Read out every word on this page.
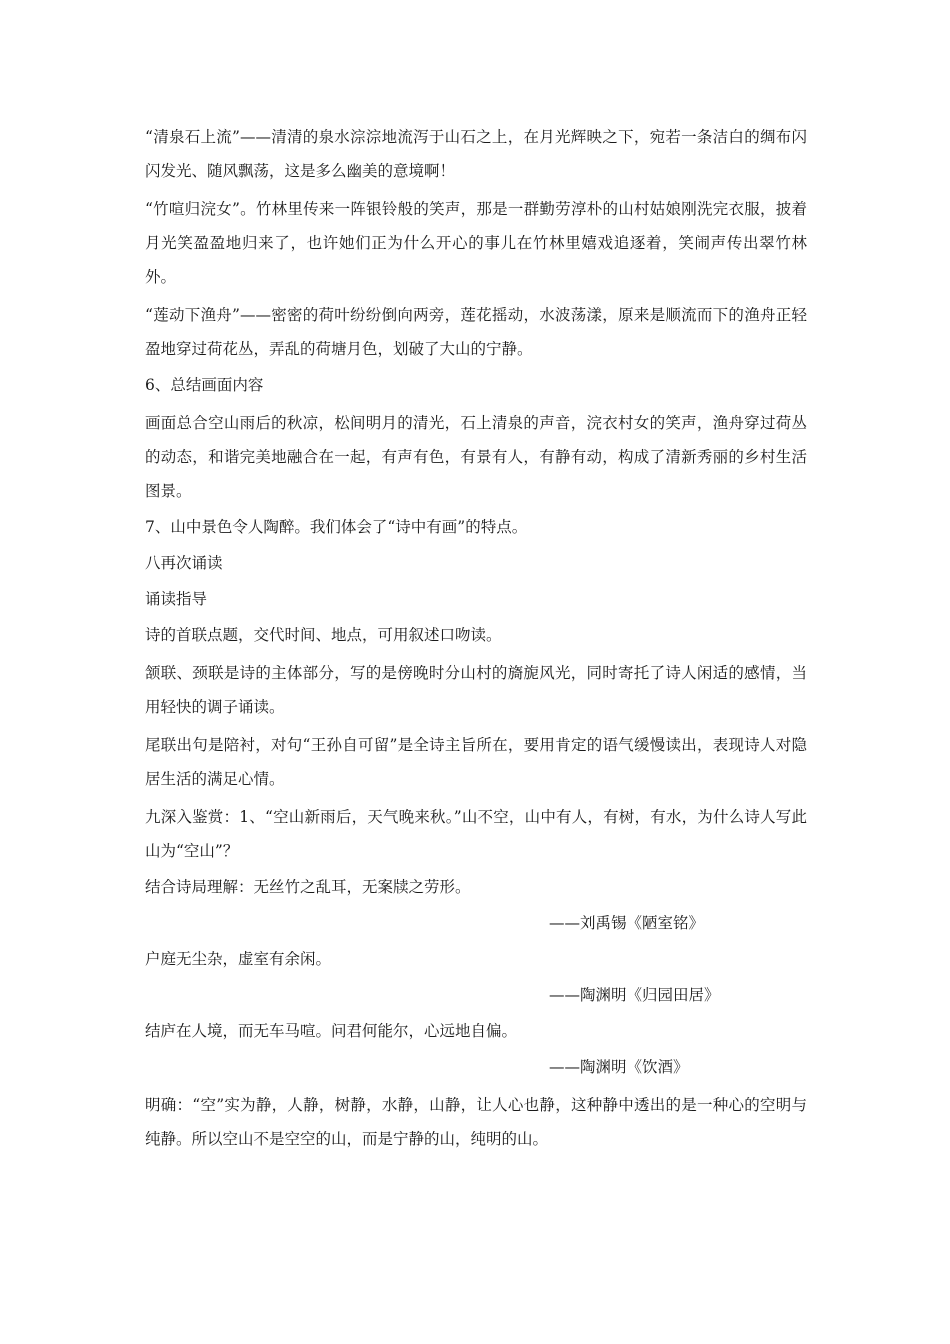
“清泉石上流”——清清的泉水淙淙地流泻于山石之上，在月光辉映之下，宛若一条洁白的绸布闪闪发光、随风飘荡，这是多么幽美的意境啊！

“竹喧归浣女”。竹林里传来一阵银铃般的笑声，那是一群勤劳淳朴的山村姑娘刚洗完衣服，披着月光笑盈盈地归来了，也许她们正为什么开心的事儿在竹林里嬉戏追逐着，笑闹声传出翠竹林外。

“莲动下渔舟”——密密的荷叶纷纷倒向两旁，莲花摇动，水波荡漾，原来是顺流而下的渔舟正轻盈地穿过荷花丛，弄乱的荷塘月色，划破了大山的宁静。

6、总结画面内容

画面总合空山雨后的秋凉，松间明月的清光，石上清泉的声音，浣衣村女的笑声，渔舟穿过荷丛的动态，和谐完美地融合在一起，有声有色，有景有人，有静有动，构成了清新秀丽的乡村生活图景。

7、山中景色令人陶醉。我们体会了“诗中有画”的特点。

八再次诵读

诵读指导

诗的首联点题，交代时间、地点，可用叙述口吻读。

颔联、颈联是诗的主体部分，写的是傍晚时分山村的旖旎风光，同时寄托了诗人闲适的感情，当用轻快的调子诵读。

尾联出句是陪衬，对句“王孙自可留”是全诗主旨所在，要用肯定的语气缓慢读出，表现诗人对隐居生活的满足心情。

九深入鉴赏：1、“空山新雨后，天气晚来秋。”山不空，山中有人，有树，有水，为什么诗人写此山为“空山”？

结合诗局理解：无丝竹之乱耳，无案牍之劳形。

——刘禹锡《陋室铭》

户庭无尘杂，虚室有余闲。

——陶渊明《归园田居》

结庐在人境，而无车马喧。问君何能尔，心远地自偏。

——陶渊明《饮酒》

明确：“空”实为静，人静，树静，水静，山静，让人心也静，这种静中透出的是一种心的空明与纯静。所以空山不是空空的山，而是宁静的山，纯明的山。
